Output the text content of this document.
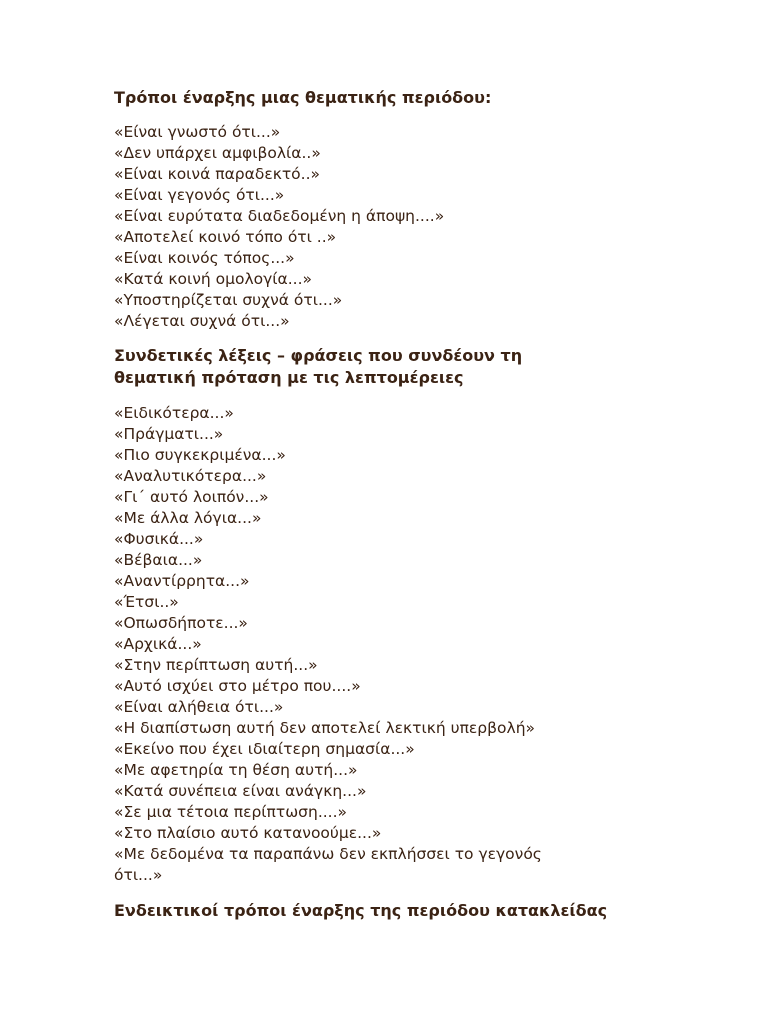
Τρόποι έναρξης μιας θεματικής περιόδου:
«Είναι γνωστό ότι...»
«Δεν υπάρχει αμφιβολία..»
«Είναι κοινά παραδεκτό..»
«Είναι γεγονός ότι...»
«Είναι ευρύτατα διαδεδομένη η άποψη....»
«Αποτελεί κοινό τόπο ότι ..»
«Είναι κοινός τόπος...»
«Κατά κοινή ομολογία...»
«Υποστηρίζεται συχνά ότι...»
«Λέγεται συχνά ότι...»
Συνδετικές λέξεις – φράσεις που συνδέουν τη
θεματική πρόταση με τις λεπτομέρειες
«Ειδικότερα...»
«Πράγματι...»
«Πιο συγκεκριμένα...»
«Αναλυτικότερα...»
«Γι΄ αυτό λοιπόν...»
«Με άλλα λόγια...»
«Φυσικά...»
«Βέβαια...»
«Αναντίρρητα...»
«Έτσι..»
«Οπωσδήποτε...»
«Αρχικά...»
«Στην περίπτωση αυτή...»
«Αυτό ισχύει στο μέτρο που....»
«Είναι αλήθεια ότι...»
«Η διαπίστωση αυτή δεν αποτελεί λεκτική υπερβολή»
«Εκείνο που έχει ιδιαίτερη σημασία...»
«Με αφετηρία τη θέση αυτή...»
«Κατά συνέπεια είναι ανάγκη...»
«Σε μια τέτοια περίπτωση....»
«Στο πλαίσιο αυτό κατανοούμε...»
«Με δεδομένα τα παραπάνω δεν εκπλήσσει το γεγονός
ότι...»
Ενδεικτικοί τρόποι έναρξης της περιόδου κατακλείδας
